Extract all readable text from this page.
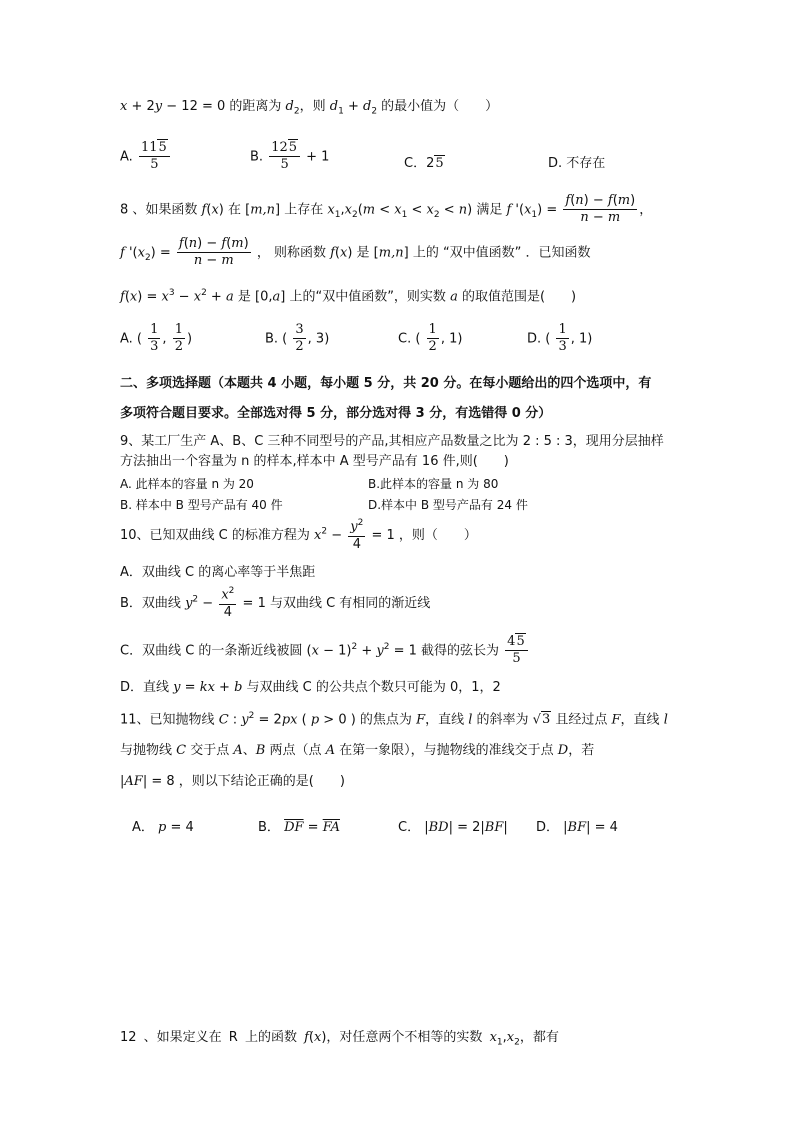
x + 2y − 12 = 0 的距离为 $d_2$，则 $d_1 + d_2$ 的最小值为（　　）
A. $\frac{115}{5}$	B. $\frac{125}{5} + 1$	C．25	D. 不存在
8 、如果函数 f(x) 在 [m,n] 上存在 $x_1,x_2(m < x_1 < x_2 < n)$ 满足 f '$(x_1) = \frac{f(n) - f(m)}{n - m}$ ，
f '$(x_2) = \frac{f(n) - f(m)}{n - m}$ ， 则称函数 f(x) 是 [m,n] 上的 “双中值函数” ．已知函数
$f(x) = x^3 - x^2 + a$ 是 [0,a] 上的“双中值函数”，则实数 a 的取值范围是(　　)
A. ( $\frac{1}{3}$ , $\frac{1}{2}$ )	B. ( $\frac{3}{2}$ , 3)	C. ( $\frac{1}{2}$ , 1)	D. ( $\frac{1}{3}$ , 1)
二、多项选择题（本题共 4 小题，每小题 5 分，共 20 分。在每小题给出的四个选项中，有
多项符合题目要求。全部选对得 5 分，部分选对得 3 分，有选错得 0 分）
9、某工厂生产 A、B、C 三种不同型号的产品,其相应产品数量之比为 2 : 5 : 3，现用分层抽样
方法抽出一个容量为 n 的样本,样本中 A 型号产品有 16 件,则(　　)
A. 此样本的容量 n 为 20	B.此样本的容量 n 为 80
B. 样本中 B 型号产品有 40 件	D.样本中 B 型号产品有 24 件
10、已知双曲线 C 的标准方程为 $x^2 - \frac{y^2}{4} = 1$ ，则（　　）
A．双曲线 C 的离心率等于半焦距
B．双曲线 $y^2 - \frac{x^2}{4} = 1$ 与双曲线 C 有相同的渐近线
C．双曲线 C 的一条渐近线被圆 $(x - 1)^2 + y^2 = 1$ 截得的弦长为 $\frac{45}{5}$
D．直线 y = kx + b 与双曲线 C 的公共点个数只可能为 0，1，2
11、已知抛物线 C : $y^2 = 2px$ ( p > 0 ) 的焦点为 F，直线 l 的斜率为 √3 且经过点 F，直线 l
与抛物线 C 交于点 A、B 两点（点 A 在第一象限），与抛物线的准线交于点 D，若
|AF| = 8 ，则以下结论正确的是(　　)
A． p = 4	B． $\overline{DF} = \overline{FA}$	C． |BD| = 2|BF| D． |BF| = 4
12 、如果定义在 R 上的函数 f(x)，对任意两个不相等的实数 $x_1,x_2$，都有
